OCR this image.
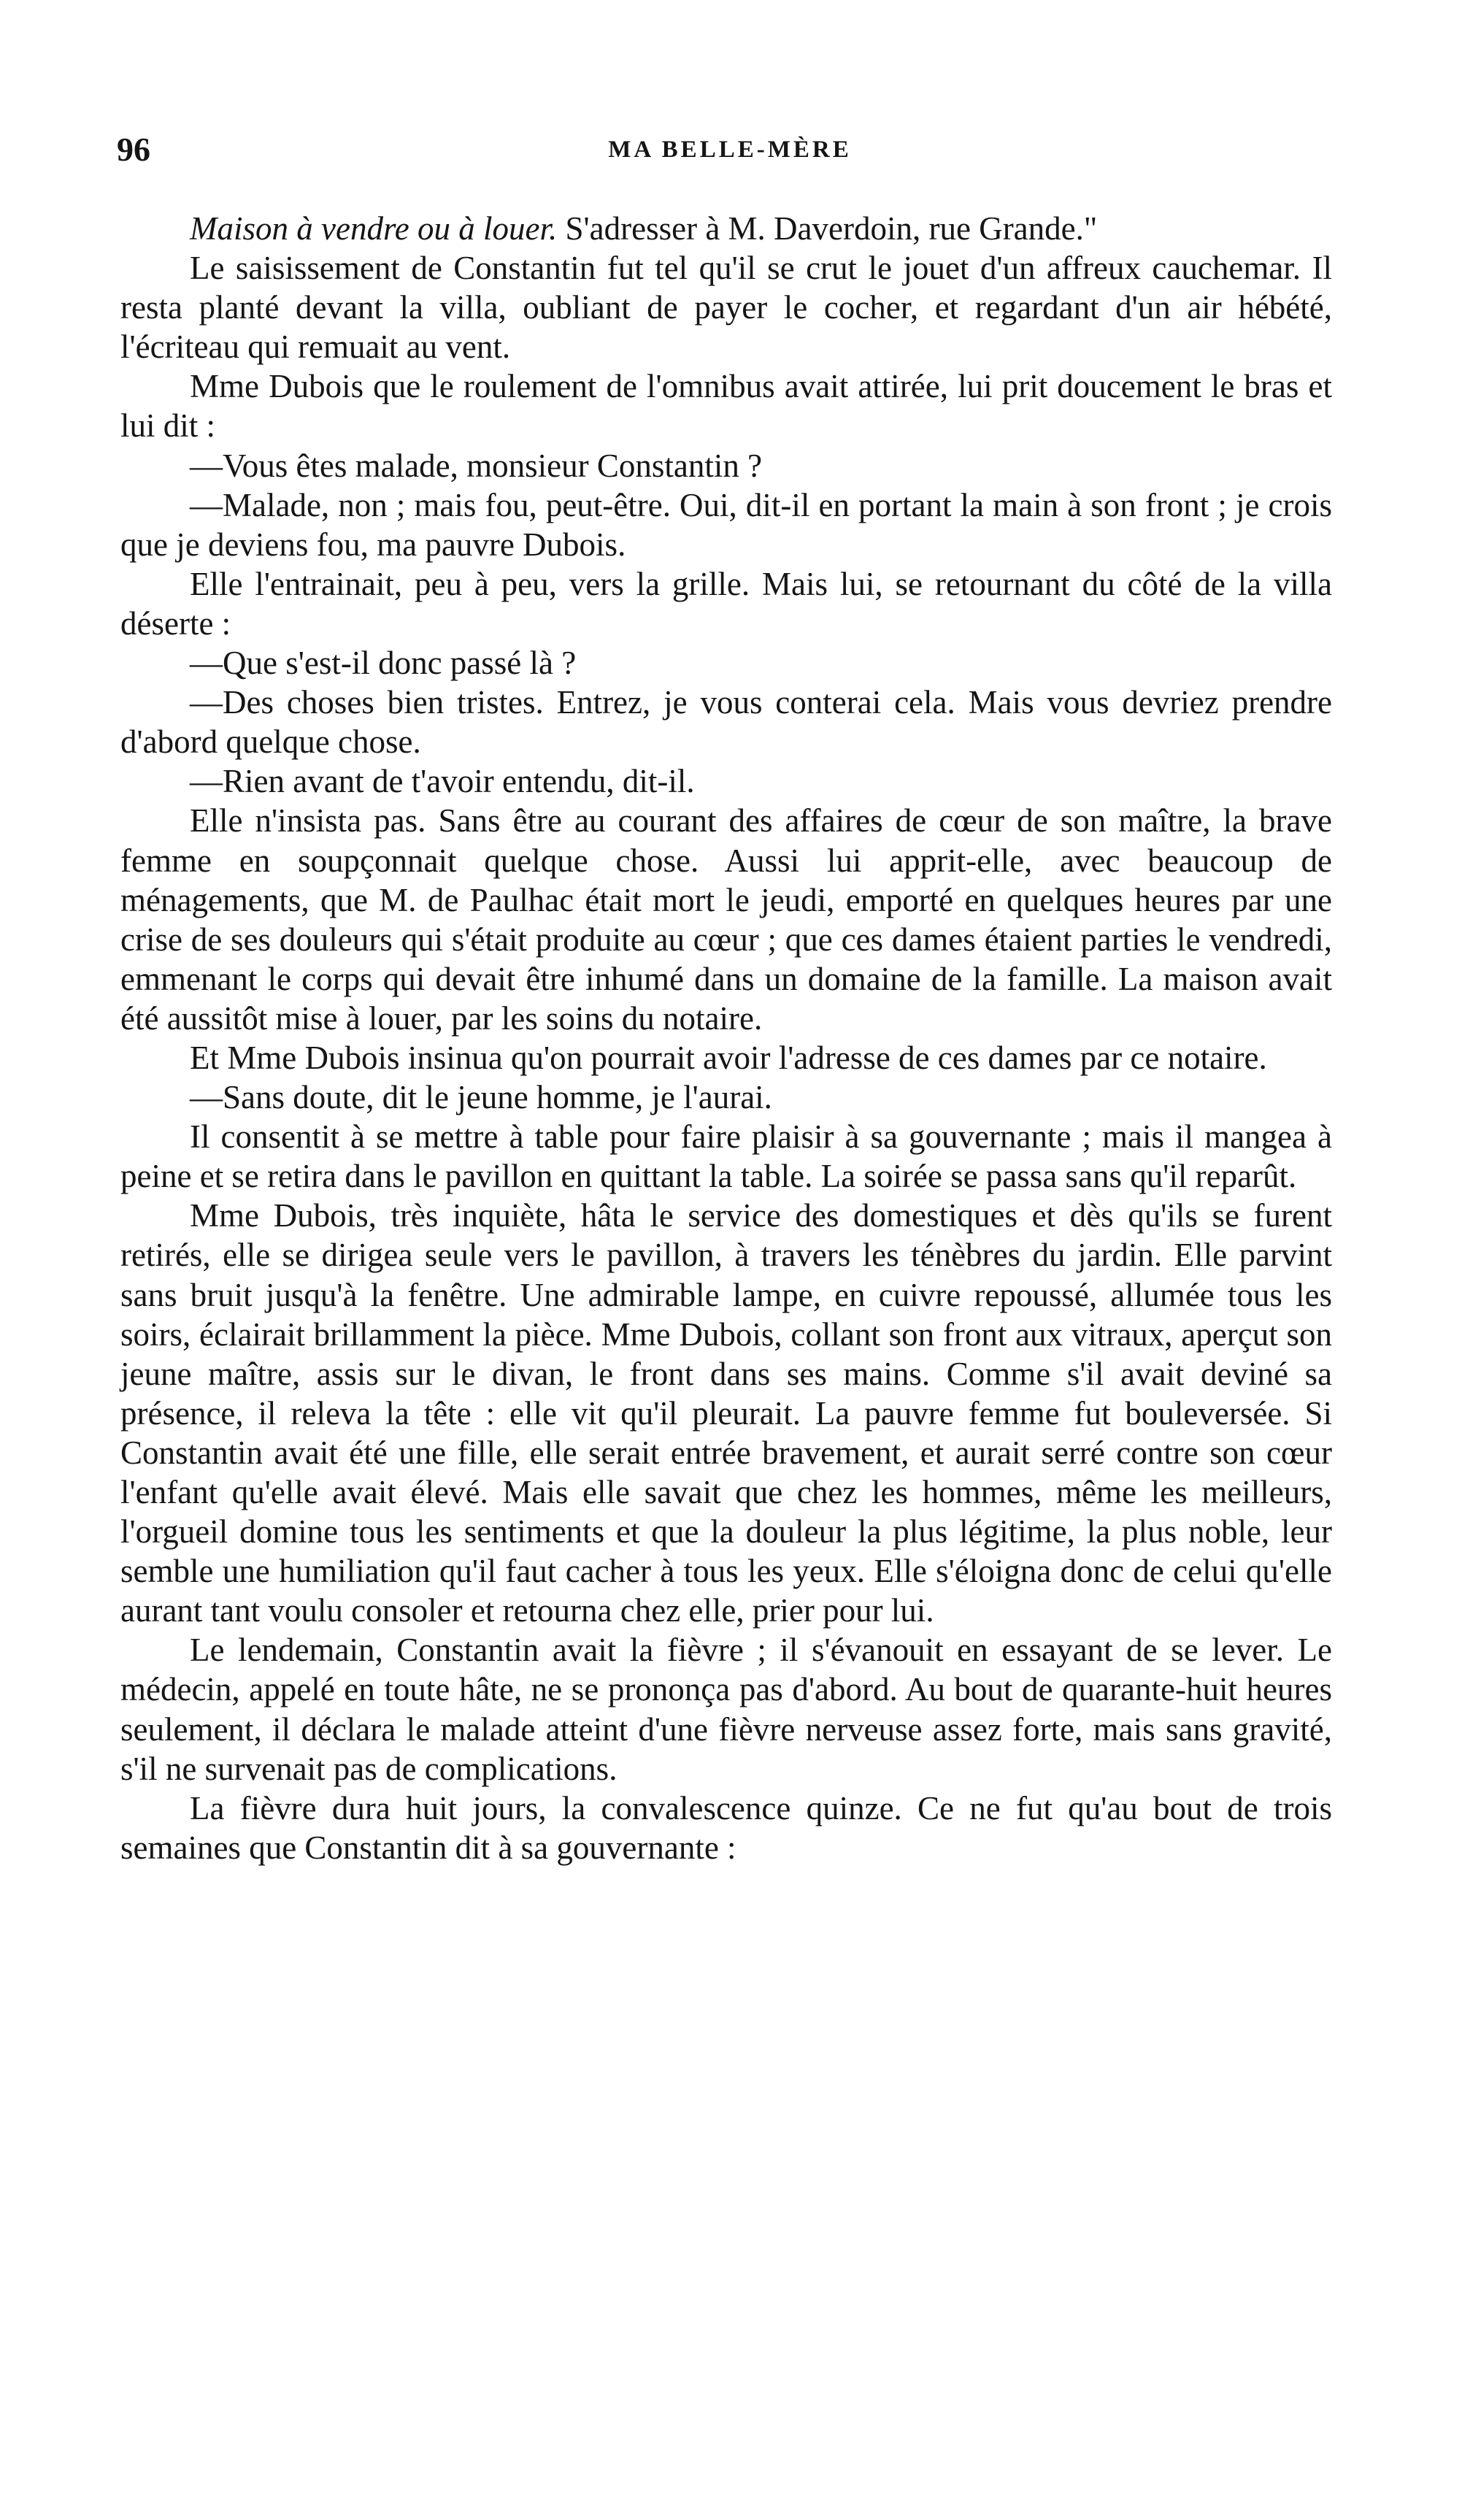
96	MA BELLE-MÈRE

Maison à vendre ou à louer. S'adresser à M. Daverdoin, rue Grande."

Le saisissement de Constantin fut tel qu'il se crut le jouet d'un affreux cauchemar. Il resta planté devant la villa, oubliant de payer le cocher, et regardant d'un air hébété, l'écriteau qui remuait au vent.

Mme Dubois que le roulement de l'omnibus avait attirée, lui prit doucement le bras et lui dit :

—Vous êtes malade, monsieur Constantin ?

—Malade, non ; mais fou, peut-être. Oui, dit-il en portant la main à son front ; je crois que je deviens fou, ma pauvre Dubois.

Elle l'entrainait, peu à peu, vers la grille. Mais lui, se retournant du côté de la villa déserte :

—Que s'est-il donc passé là ?

—Des choses bien tristes. Entrez, je vous conterai cela. Mais vous devriez prendre d'abord quelque chose.

—Rien avant de t'avoir entendu, dit-il.

Elle n'insista pas. Sans être au courant des affaires de cœur de son maître, la brave femme en soupçonnait quelque chose. Aussi lui apprit-elle, avec beaucoup de ménagements, que M. de Paulhac était mort le jeudi, emporté en quelques heures par une crise de ses douleurs qui s'était produite au cœur ; que ces dames étaient parties le vendredi, emmenant le corps qui devait être inhumé dans un domaine de la famille. La maison avait été aussitôt mise à louer, par les soins du notaire.

Et Mme Dubois insinua qu'on pourrait avoir l'adresse de ces dames par ce notaire.

—Sans doute, dit le jeune homme, je l'aurai.

Il consentit à se mettre à table pour faire plaisir à sa gouvernante ; mais il mangea à peine et se retira dans le pavillon en quittant la table. La soirée se passa sans qu'il reparût.

Mme Dubois, très inquiète, hâta le service des domestiques et dès qu'ils se furent retirés, elle se dirigea seule vers le pavillon, à travers les ténèbres du jardin. Elle parvint sans bruit jusqu'à la fenêtre. Une admirable lampe, en cuivre repoussé, allumée tous les soirs, éclairait brillamment la pièce. Mme Dubois, collant son front aux vitraux, aperçut son jeune maître, assis sur le divan, le front dans ses mains. Comme s'il avait deviné sa présence, il releva la tête : elle vit qu'il pleurait. La pauvre femme fut bouleversée. Si Constantin avait été une fille, elle serait entrée bravement, et aurait serré contre son cœur l'enfant qu'elle avait élevé. Mais elle savait que chez les hommes, même les meilleurs, l'orgueil domine tous les sentiments et que la douleur la plus légitime, la plus noble, leur semble une humiliation qu'il faut cacher à tous les yeux. Elle s'éloigna donc de celui qu'elle aurant tant voulu consoler et retourna chez elle, prier pour lui.

Le lendemain, Constantin avait la fièvre ; il s'évanouit en essayant de se lever. Le médecin, appelé en toute hâte, ne se prononça pas d'abord. Au bout de quarante-huit heures seulement, il déclara le malade atteint d'une fièvre nerveuse assez forte, mais sans gravité, s'il ne survenait pas de complications.

La fièvre dura huit jours, la convalescence quinze. Ce ne fut qu'au bout de trois semaines que Constantin dit à sa gouvernante :
